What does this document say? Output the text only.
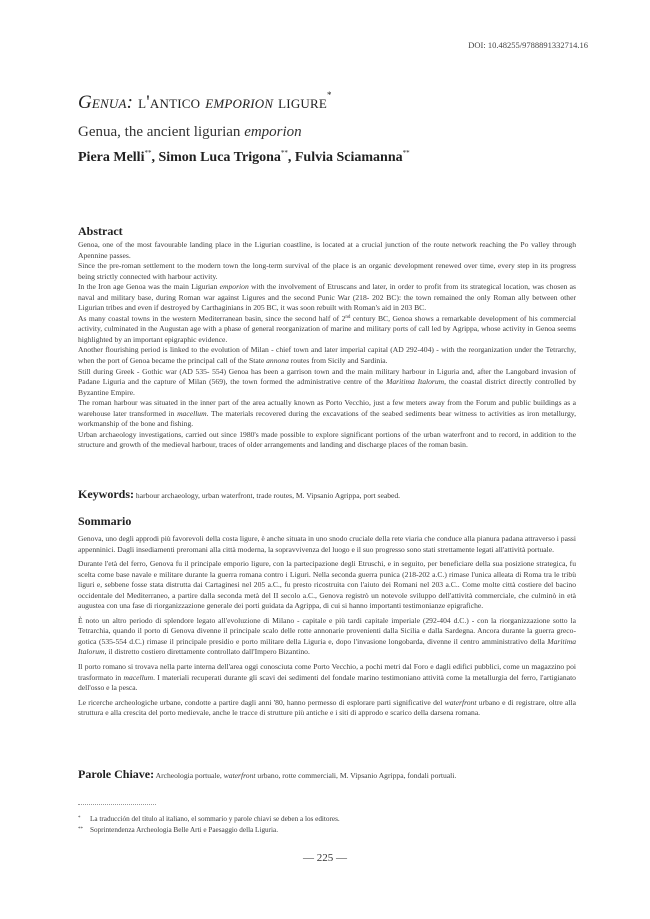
DOI: 10.48255/9788891332714.16
Genua: l'antico emporion ligure*
Genua, the ancient ligurian emporion
Piera Melli**, Simon Luca Trigona**, Fulvia Sciamanna**
Abstract

Genoa, one of the most favourable landing place in the Ligurian coastline, is located at a crucial junction of the route network reaching the Po valley through Apennine passes.

Since the pre-roman settlement to the modern town the long-term survival of the place is an organic development renewed over time, every step in its progress being strictly connected with harbour activity.

In the Iron age Genoa was the main Ligurian emporion with the involvement of Etruscans and later, in order to profit from its strategical location, was chosen as naval and military base, during Roman war against Ligures and the second Punic War (218- 202 BC): the town remained the only Roman ally between other Ligurian tribes and even if destroyed by Carthaginians in 205 BC, it was soon rebuilt with Roman's aid in 203 BC.

As many coastal towns in the western Mediterranean basin, since the second half of 2nd century BC, Genoa shows a remarkable development of his commercial activity, culminated in the Augustan age with a phase of general reorganization of marine and military ports of call led by Agrippa, whose activity in Genoa seems highlighted by an important epigraphic evidence.

Another flourishing period is linked to the evolution of Milan - chief town and later imperial capital (AD 292-404) - with the reorganization under the Tetrarchy, when the port of Genoa became the principal call of the State annona routes from Sicily and Sardinia.

Still during Greek - Gothic war (AD 535- 554) Genoa has been a garrison town and the main military harbour in Liguria and, after the Langobard invasion of Padane Liguria and the capture of Milan (569), the town formed the administrative centre of the Maritima Italorum, the coastal district directly controlled by Byzantine Empire.

The roman harbour was situated in the inner part of the area actually known as Porto Vecchio, just a few meters away from the Forum and public buildings as a warehouse later transformed in macellum. The materials recovered during the excavations of the seabed sediments bear witness to activities as iron metallurgy, workmanship of the bone and fishing.

Urban archaeology investigations, carried out since 1980's made possible to explore significant portions of the urban waterfront and to record, in addition to the structure and growth of the medieval harbour, traces of older arrangements and landing and discharge places of the roman basin.

Keywords: harbour archaeology, urban waterfront, trade routes, M. Vipsanio Agrippa, port seabed.
Sommario

Genova, uno degli approdi più favorevoli della costa ligure, è anche situata in uno snodo cruciale della rete viaria che conduce alla pianura padana attraverso i passi appenninici. Dagli insediamenti preromani alla città moderna, la sopravvivenza del luogo e il suo progresso sono stati strettamente legati all'attività portuale.

Durante l'età del ferro, Genova fu il principale emporio ligure, con la partecipazione degli Etruschi, e in seguito, per beneficiare della sua posizione strategica, fu scelta come base navale e militare durante la guerra romana contro i Liguri. Nella seconda guerra punica (218-202 a.C.) rimase l'unica alleata di Roma tra le tribù liguri e, sebbene fosse stata distrutta dai Cartaginesi nel 205 a.C., fu presto ricostruita con l'aiuto dei Romani nel 203 a.C.. Come molte città costiere del bacino occidentale del Mediterraneo, a partire dalla seconda metà del II secolo a.C., Genova registrò un notevole sviluppo dell'attività commerciale, che culminò in età augustea con una fase di riorganizzazione generale dei porti guidata da Agrippa, di cui si hanno importanti testimonianze epigrafiche.

È noto un altro periodo di splendore legato all'evoluzione di Milano - capitale e più tardi capitale imperiale (292-404 d.C.) - con la riorganizzazione sotto la Tetrarchia, quando il porto di Genova divenne il principale scalo delle rotte annonarie provenienti dalla Sicilia e dalla Sardegna. Ancora durante la guerra greco-gotica (535-554 d.C.) rimase il principale presidio e porto militare della Liguria e, dopo l'invasione longobarda, divenne il centro amministrativo della Maritima Italorum, il distretto costiero direttamente controllato dall'Impero Bizantino.

Il porto romano si trovava nella parte interna dell'area oggi conosciuta come Porto Vecchio, a pochi metri dal Foro e dagli edifici pubblici, come un magazzino poi trasformato in macellum. I materiali recuperati durante gli scavi dei sedimenti del fondale marino testimoniano attività come la metallurgia del ferro, l'artigianato dell'osso e la pesca.

Le ricerche archeologiche urbane, condotte a partire dagli anni '80, hanno permesso di esplorare parti significative del waterfront urbano e di registrare, oltre alla struttura e alla crescita del porto medievale, anche le tracce di strutture più antiche e i siti di approdo e scarico della darsena romana.

Parole Chiave: Archeologia portuale, waterfront urbano, rotte commerciali, M. Vipsanio Agrippa, fondali portuali.
* La traducción del título al italiano, el sommario y parole chiavi se deben a los editores.
** Soprintendenza Archeologia Belle Arti e Paesaggio della Liguria.
— 225 —
